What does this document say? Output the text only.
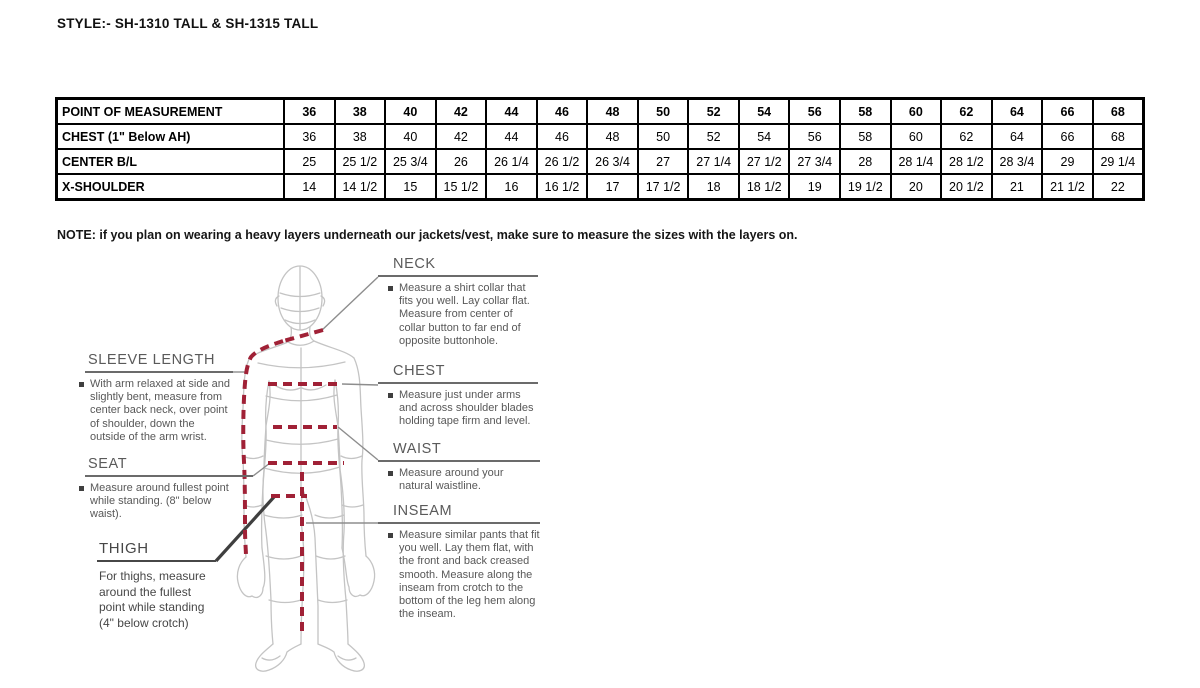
STYLE:- SH-1310 TALL & SH-1315 TALL
POINT OF MEASUREMENT	36	38	40	42	44	46	48	50	52	54	56	58	60	62	64	66	68
CHEST (1" Below AH)	36	38	40	42	44	46	48	50	52	54	56	58	60	62	64	66	68
CENTER B/L	25	25 1/2	25 3/4	26	26 1/4	26 1/2	26 3/4	27	27 1/4	27 1/2	27 3/4	28	28 1/4	28 1/2	28 3/4	29	29 1/4
X-SHOULDER	14	14 1/2	15	15 1/2	16	16 1/2	17	17 1/2	18	18 1/2	19	19 1/2	20	20 1/2	21	21 1/2	22
NOTE: if you plan on wearing a heavy layers underneath our jackets/vest, make sure to measure the sizes with the layers on.
NECK
Measure a shirt collar that fits you well. Lay collar flat. Measure from center of collar button to far end of opposite buttonhole.
CHEST
Measure just under arms and across shoulder blades holding tape firm and level.
WAIST
Measure around your natural waistline.
INSEAM
Measure similar pants that fit you well. Lay them flat, with the front and back creased smooth. Measure along the inseam from crotch to the bottom of the leg hem along the inseam.
SLEEVE LENGTH
With arm relaxed at side and slightly bent, measure from center back neck, over point of shoulder, down the outside of the arm wrist.
SEAT
Measure around fullest point while standing. (8" below waist).
THIGH
For thighs, measure around the fullest point while standing (4" below crotch)
